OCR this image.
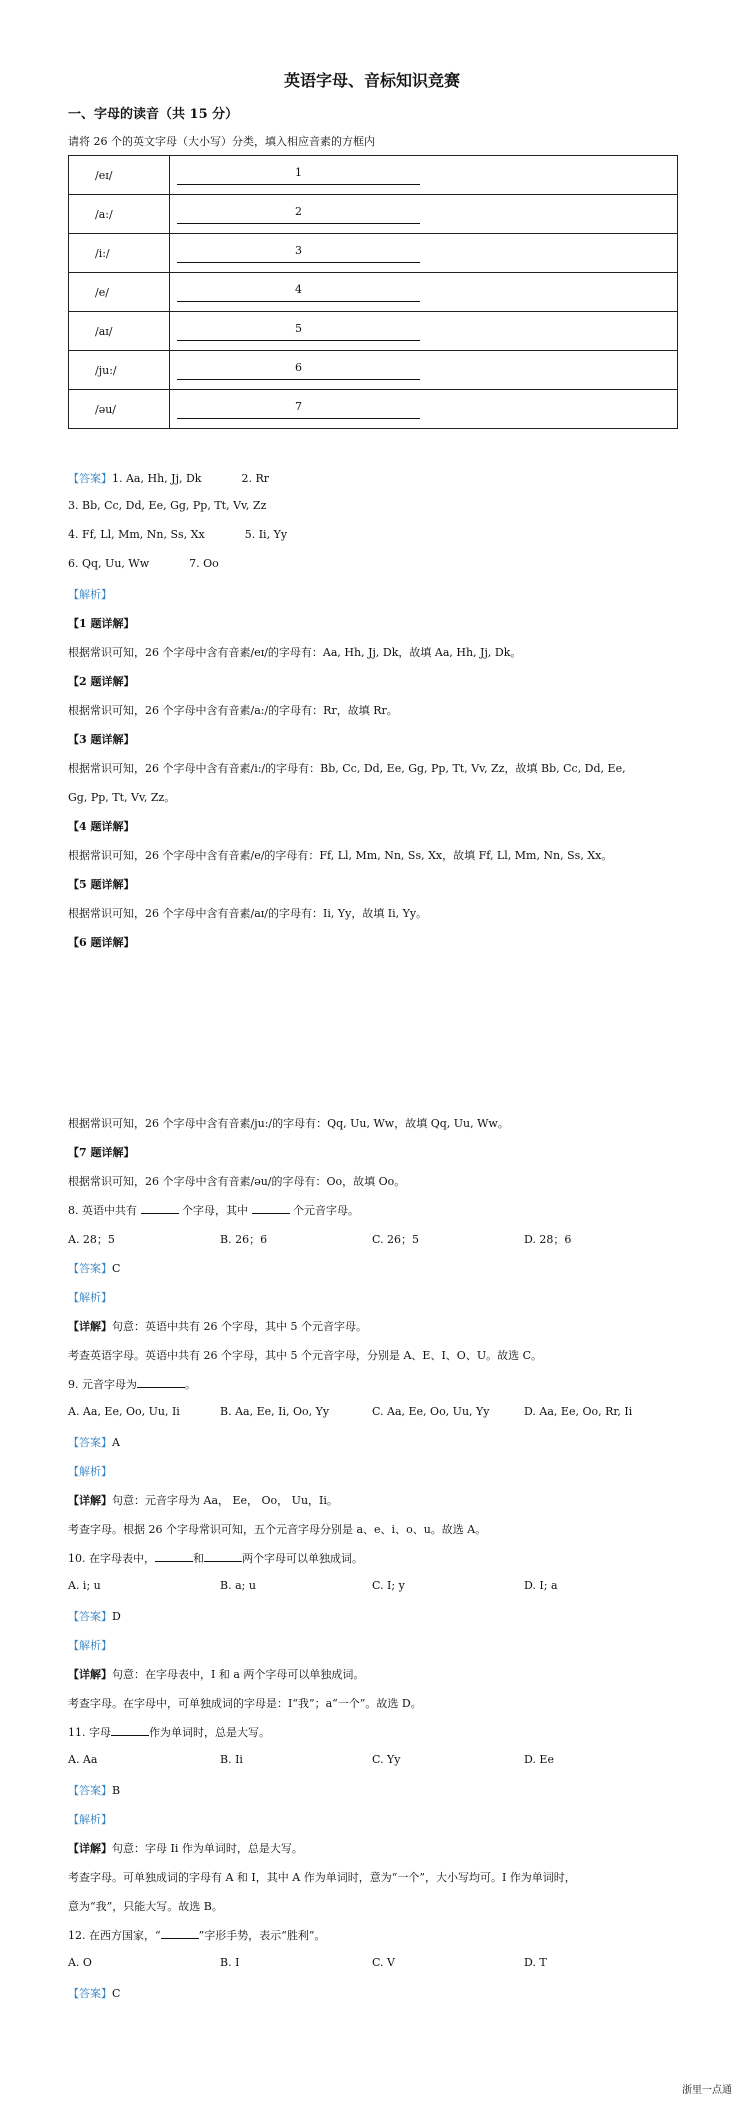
英语字母、音标知识竞赛
一、字母的读音（共 15 分）
请将 26 个的英文字母（大小写）分类，填入相应音素的方框内
/eɪ/	1

/a:/	2

/i:/	3

/e/	4

/aɪ/	5

/ju:/	6

/əu/	7
【答案】1. Aa, Hh, Jj, Dk	2. Rr
3. Bb, Cc, Dd, Ee, Gg, Pp, Tt, Vv, Zz
4. Ff, Ll, Mm, Nn, Ss, Xx	5. Ii, Yy
6. Qq, Uu, Ww	7. Oo
【解析】
【1 题详解】
根据常识可知，26 个字母中含有音素/eɪ/的字母有：Aa, Hh, Jj, Dk，故填 Aa, Hh, Jj, Dk。
【2 题详解】
根据常识可知，26 个字母中含有音素/a:/的字母有：Rr，故填 Rr。
【3 题详解】
根据常识可知，26 个字母中含有音素/i:/的字母有：Bb, Cc, Dd, Ee, Gg, Pp, Tt, Vv, Zz，故填 Bb, Cc, Dd, Ee,
Gg, Pp, Tt, Vv, Zz。
【4 题详解】
根据常识可知，26 个字母中含有音素/e/的字母有：Ff, Ll, Mm, Nn, Ss, Xx，故填 Ff, Ll, Mm, Nn, Ss, Xx。
【5 题详解】
根据常识可知，26 个字母中含有音素/aɪ/的字母有：Ii, Yy，故填 Ii, Yy。
【6 题详解】
根据常识可知，26 个字母中含有音素/ju:/的字母有：Qq, Uu, Ww，故填 Qq, Uu, Ww。
【7 题详解】
根据常识可知，26 个字母中含有音素/əu/的字母有：Oo，故填 Oo。
8. 英语中共有	个字母，其中	个元音字母。
A. 28；5	B. 26；6	C. 26；5	D. 28；6
【答案】C
【解析】
【详解】句意：英语中共有 26 个字母，其中 5 个元音字母。
考查英语字母。英语中共有 26 个字母，其中 5 个元音字母，分别是 A、E、I、O、U。故选 C。
9. 元音字母为	。
A. Aa, Ee, Oo, Uu, Ii	B. Aa, Ee, Ii, Oo, Yy	C. Aa, Ee, Oo, Uu, Yy	D. Aa, Ee, Oo, Rr, Ii
【答案】A
【解析】
【详解】句意：元音字母为 Aa， Ee， Oo， Uu，Ii。
考查字母。根据 26 个字母常识可知，五个元音字母分别是 a、e、i、o、u。故选 A。
10. 在字母表中，	和	两个字母可以单独成词。
A. i; u	B. a; u	C. I; y	D. I; a
【答案】D
【解析】
【详解】句意：在字母表中，I 和 a 两个字母可以单独成词。
考查字母。在字母中，可单独成词的字母是：I“我”；a“一个”。故选 D。
11. 字母	作为单词时，总是大写。
A. Aa	B. Ii	C. Yy	D. Ee
【答案】B
【解析】
【详解】句意：字母 Ii 作为单词时，总是大写。
考查字母。可单独成词的字母有 A 和 I，其中 A 作为单词时，意为“一个”，大小写均可。I 作为单词时，
意为“我”，只能大写。故选 B。
12. 在西方国家，“	”字形手势，表示“胜利”。
A. O	B. I	C. V	D. T
【答案】C
浙里一点通
